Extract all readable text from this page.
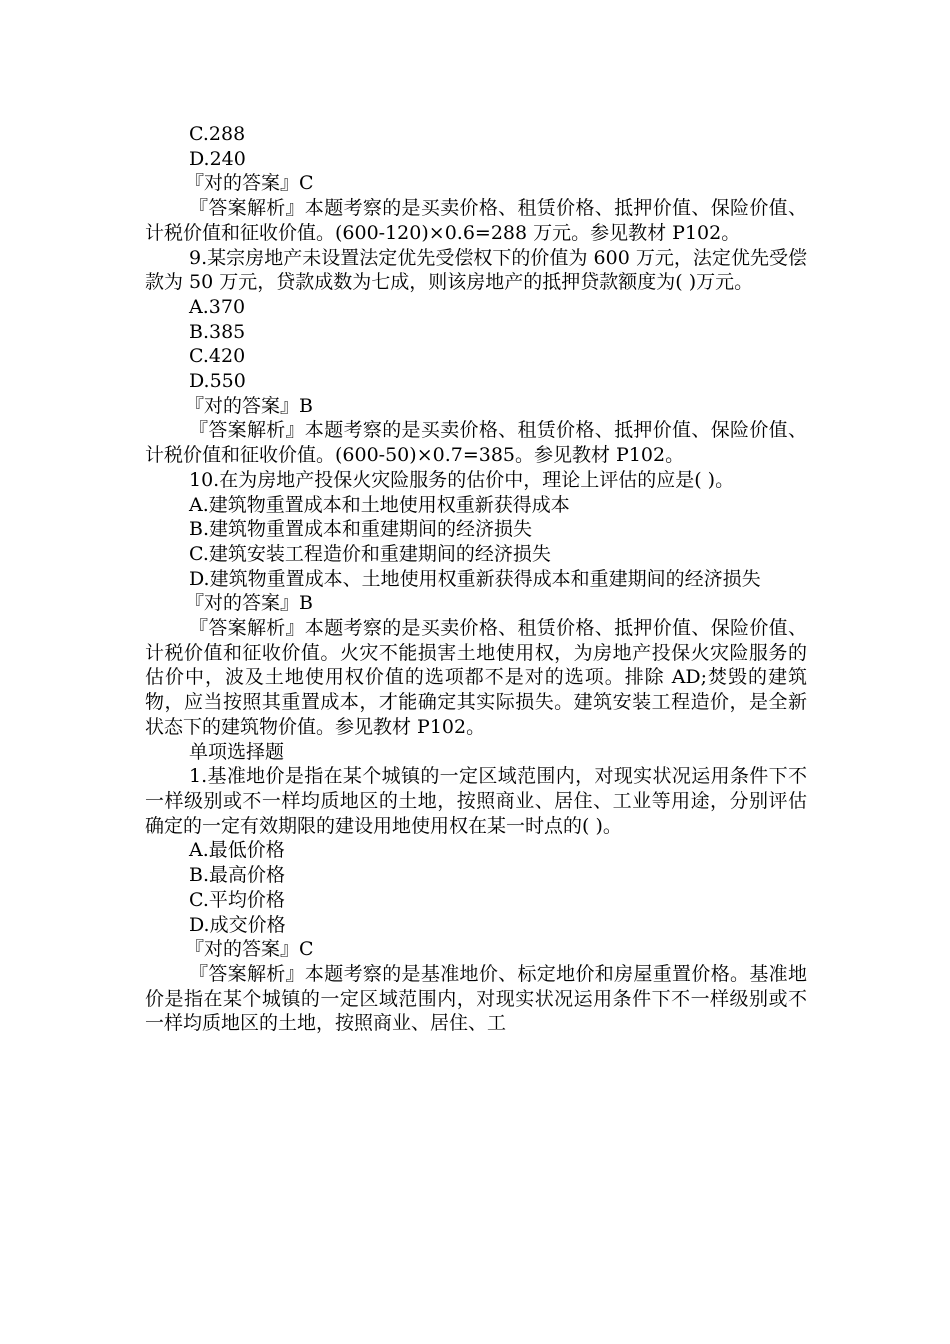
C.288

D.240

『对的答案』C

『答案解析』本题考察的是买卖价格、租赁价格、抵押价值、保险价值、计税价值和征收价值。(600-120)×0.6=288 万元。参见教材 P102。

9.某宗房地产未设置法定优先受偿权下的价值为 600 万元，法定优先受偿款为 50 万元，贷款成数为七成，则该房地产的抵押贷款额度为( )万元。

A.370

B.385

C.420

D.550

『对的答案』B

『答案解析』本题考察的是买卖价格、租赁价格、抵押价值、保险价值、计税价值和征收价值。(600-50)×0.7=385。参见教材 P102。

10.在为房地产投保火灾险服务的估价中，理论上评估的应是( )。

A.建筑物重置成本和土地使用权重新获得成本

B.建筑物重置成本和重建期间的经济损失

C.建筑安装工程造价和重建期间的经济损失

D.建筑物重置成本、土地使用权重新获得成本和重建期间的经济损失

『对的答案』B

『答案解析』本题考察的是买卖价格、租赁价格、抵押价值、保险价值、计税价值和征收价值。火灾不能损害土地使用权，为房地产投保火灾险服务的估价中，波及土地使用权价值的选项都不是对的选项。排除 AD;焚毁的建筑物，应当按照其重置成本，才能确定其实际损失。建筑安装工程造价，是全新状态下的建筑物价值。参见教材 P102。

单项选择题

1.基准地价是指在某个城镇的一定区域范围内，对现实状况运用条件下不一样级别或不一样均质地区的土地，按照商业、居住、工业等用途，分别评估确定的一定有效期限的建设用地使用权在某一时点的( )。

A.最低价格

B.最高价格

C.平均价格

D.成交价格

『对的答案』C

『答案解析』本题考察的是基准地价、标定地价和房屋重置价格。基准地价是指在某个城镇的一定区域范围内，对现实状况运用条件下不一样级别或不一样均质地区的土地，按照商业、居住、工
